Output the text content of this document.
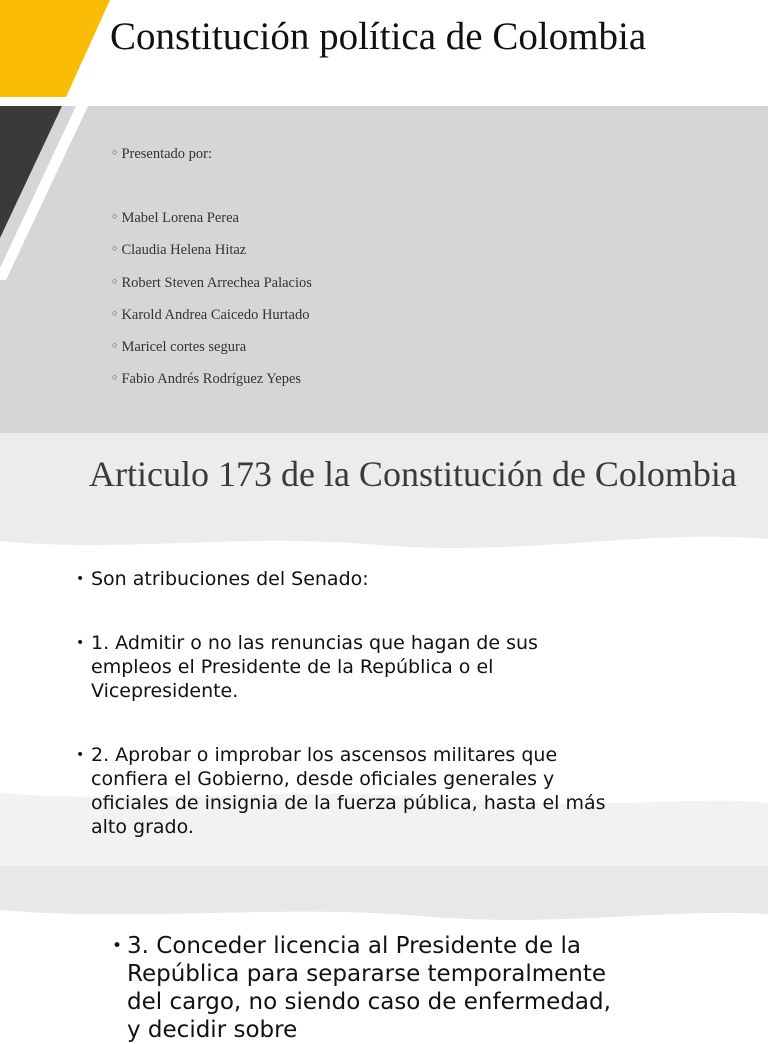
Constitución política de Colombia
○ Presentado por:
○ Mabel Lorena Perea
○ Claudia Helena Hitaz
○ Robert Steven Arrechea Palacios
○ Karold Andrea Caicedo Hurtado
○ Maricel cortes segura
○ Fabio Andrés Rodríguez Yepes
Articulo 173 de la Constitución de Colombia
• Son atribuciones del Senado:
• 1. Admitir o no las renuncias que hagan de sus empleos el Presidente de la República o el Vicepresidente.
• 2. Aprobar o improbar los ascensos militares que confiera el Gobierno, desde oficiales generales y oficiales de insignia de la fuerza pública, hasta el más alto grado.
• 3. Conceder licencia al Presidente de la República para separarse temporalmente del cargo, no siendo caso de enfermedad, y decidir sobre
